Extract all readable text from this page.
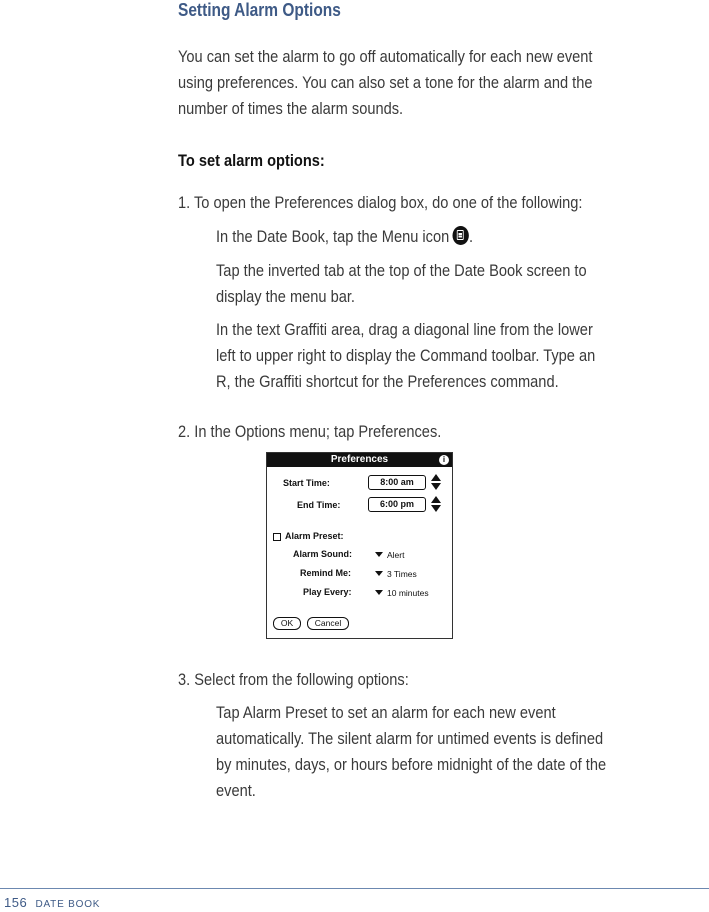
Setting Alarm Options
You can set the alarm to go off automatically for each new event
using preferences. You can also set a tone for the alarm and the
number of times the alarm sounds.
To set alarm options:
1. To open the Preferences dialog box, do one of the following:
In the Date Book, tap the Menu icon .
Tap the inverted tab at the top of the Date Book screen to
display the menu bar.
In the text Graffiti area, drag a diagonal line from the lower
left to upper right to display the Command toolbar. Type an
R, the Graffiti shortcut for the Preferences command.
2. In the Options menu; tap Preferences.
Preferences	i
Start Time:	8:00 am
End Time:	6:00 pm
Alarm Preset:
Alarm Sound:	Alert
Remind Me:	3 Times
Play Every:	10 minutes
OK	Cancel
3. Select from the following options:
Tap Alarm Preset to set an alarm for each new event
automatically. The silent alarm for untimed events is defined
by minutes, days, or hours before midnight of the date of the
event.
156 DATE BOOK
